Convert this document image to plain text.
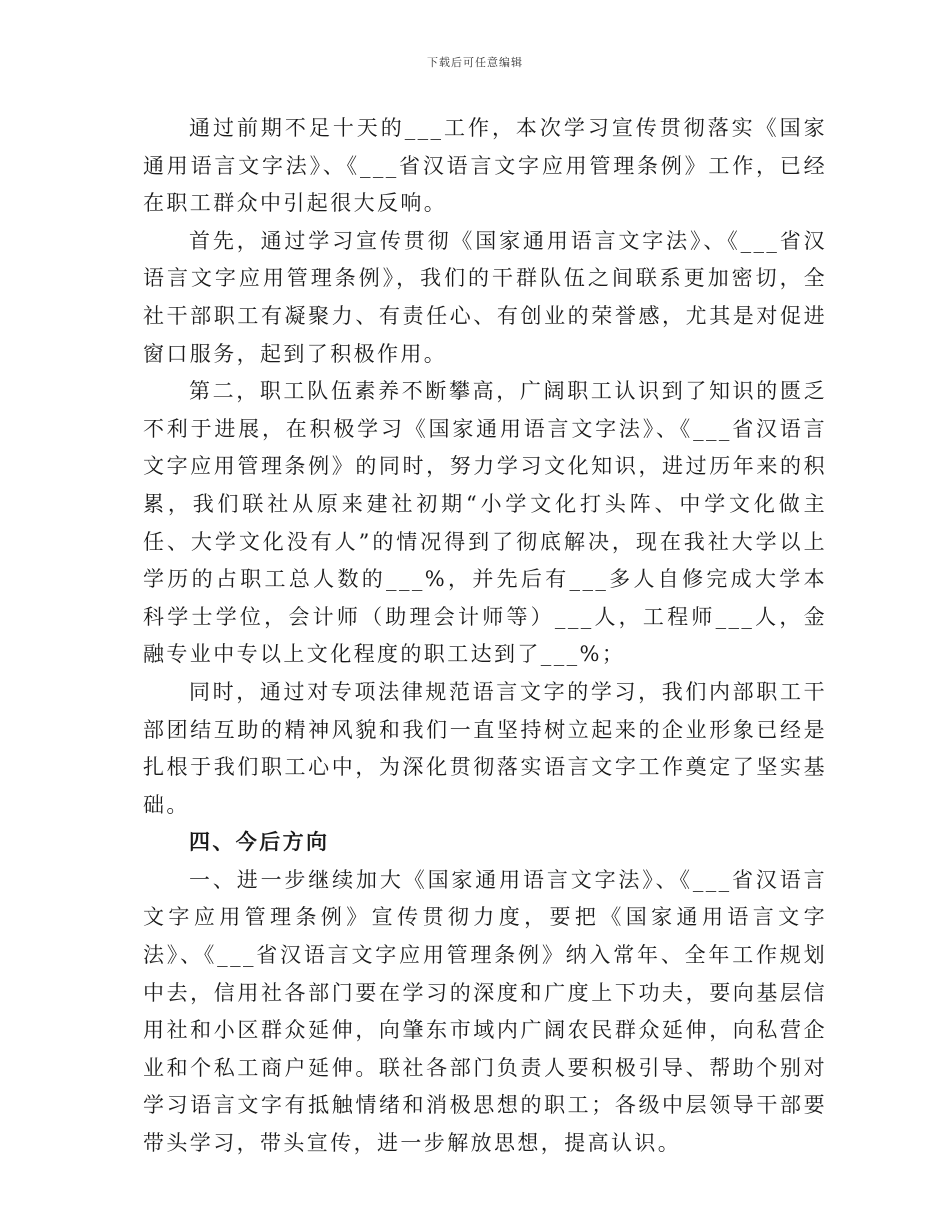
下载后可任意编辑

通过前期不足十天的___工作，本次学习宣传贯彻落实《国家通用语言文字法》、《___省汉语言文字应用管理条例》工作，已经在职工群众中引起很大反响。

首先，通过学习宣传贯彻《国家通用语言文字法》、《___省汉语言文字应用管理条例》，我们的干群队伍之间联系更加密切，全社干部职工有凝聚力、有责任心、有创业的荣誉感，尤其是对促进窗口服务，起到了积极作用。

第二，职工队伍素养不断攀高，广阔职工认识到了知识的匮乏不利于进展，在积极学习《国家通用语言文字法》、《___省汉语言文字应用管理条例》的同时，努力学习文化知识，进过历年来的积累，我们联社从原来建社初期“小学文化打头阵、中学文化做主任、大学文化没有人”的情况得到了彻底解决，现在我社大学以上学历的占职工总人数的___%，并先后有___多人自修完成大学本科学士学位，会计师（助理会计师等）___人，工程师___人，金融专业中专以上文化程度的职工达到了___%；

同时，通过对专项法律规范语言文字的学习，我们内部职工干部团结互助的精神风貌和我们一直坚持树立起来的企业形象已经是扎根于我们职工心中，为深化贯彻落实语言文字工作奠定了坚实基础。

四、今后方向

一、进一步继续加大《国家通用语言文字法》、《___省汉语言文字应用管理条例》宣传贯彻力度，要把《国家通用语言文字法》、《___省汉语言文字应用管理条例》纳入常年、全年工作规划中去，信用社各部门要在学习的深度和广度上下功夫，要向基层信用社和小区群众延伸，向肇东市域内广阔农民群众延伸，向私营企业和个私工商户延伸。联社各部门负责人要积极引导、帮助个别对学习语言文字有抵触情绪和消极思想的职工；各级中层领导干部要带头学习，带头宣传，进一步解放思想，提高认识。
